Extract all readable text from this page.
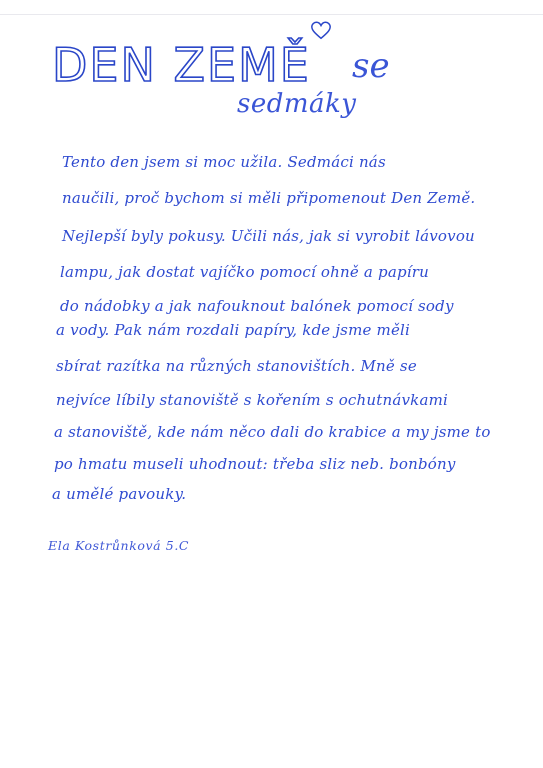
DEN ZEMĚ se
sedmáky
Tento den jsem si moc užila. Sedmáci nás
naučili, proč bychom si měli připomenout Den Země.
Nejlepší byly pokusy. Učili nás, jak si vyrobit lávovou
lampu, jak dostat vajíčko pomocí ohně a papíru
do nádobky a jak nafouknout balónek pomocí sody
a vody. Pak nám rozdali papíry, kde jsme měli
sbírat razítka na různých stanovištích. Mně se
nejvíce líbily stanoviště s kořením s ochutnávkami
a stanoviště, kde nám něco dali do krabice a my jsme to
po hmatu museli uhodnout: třeba sliz neb. bonbóny
a umělé pavouky.
Ela Kostrůnková 5.C
